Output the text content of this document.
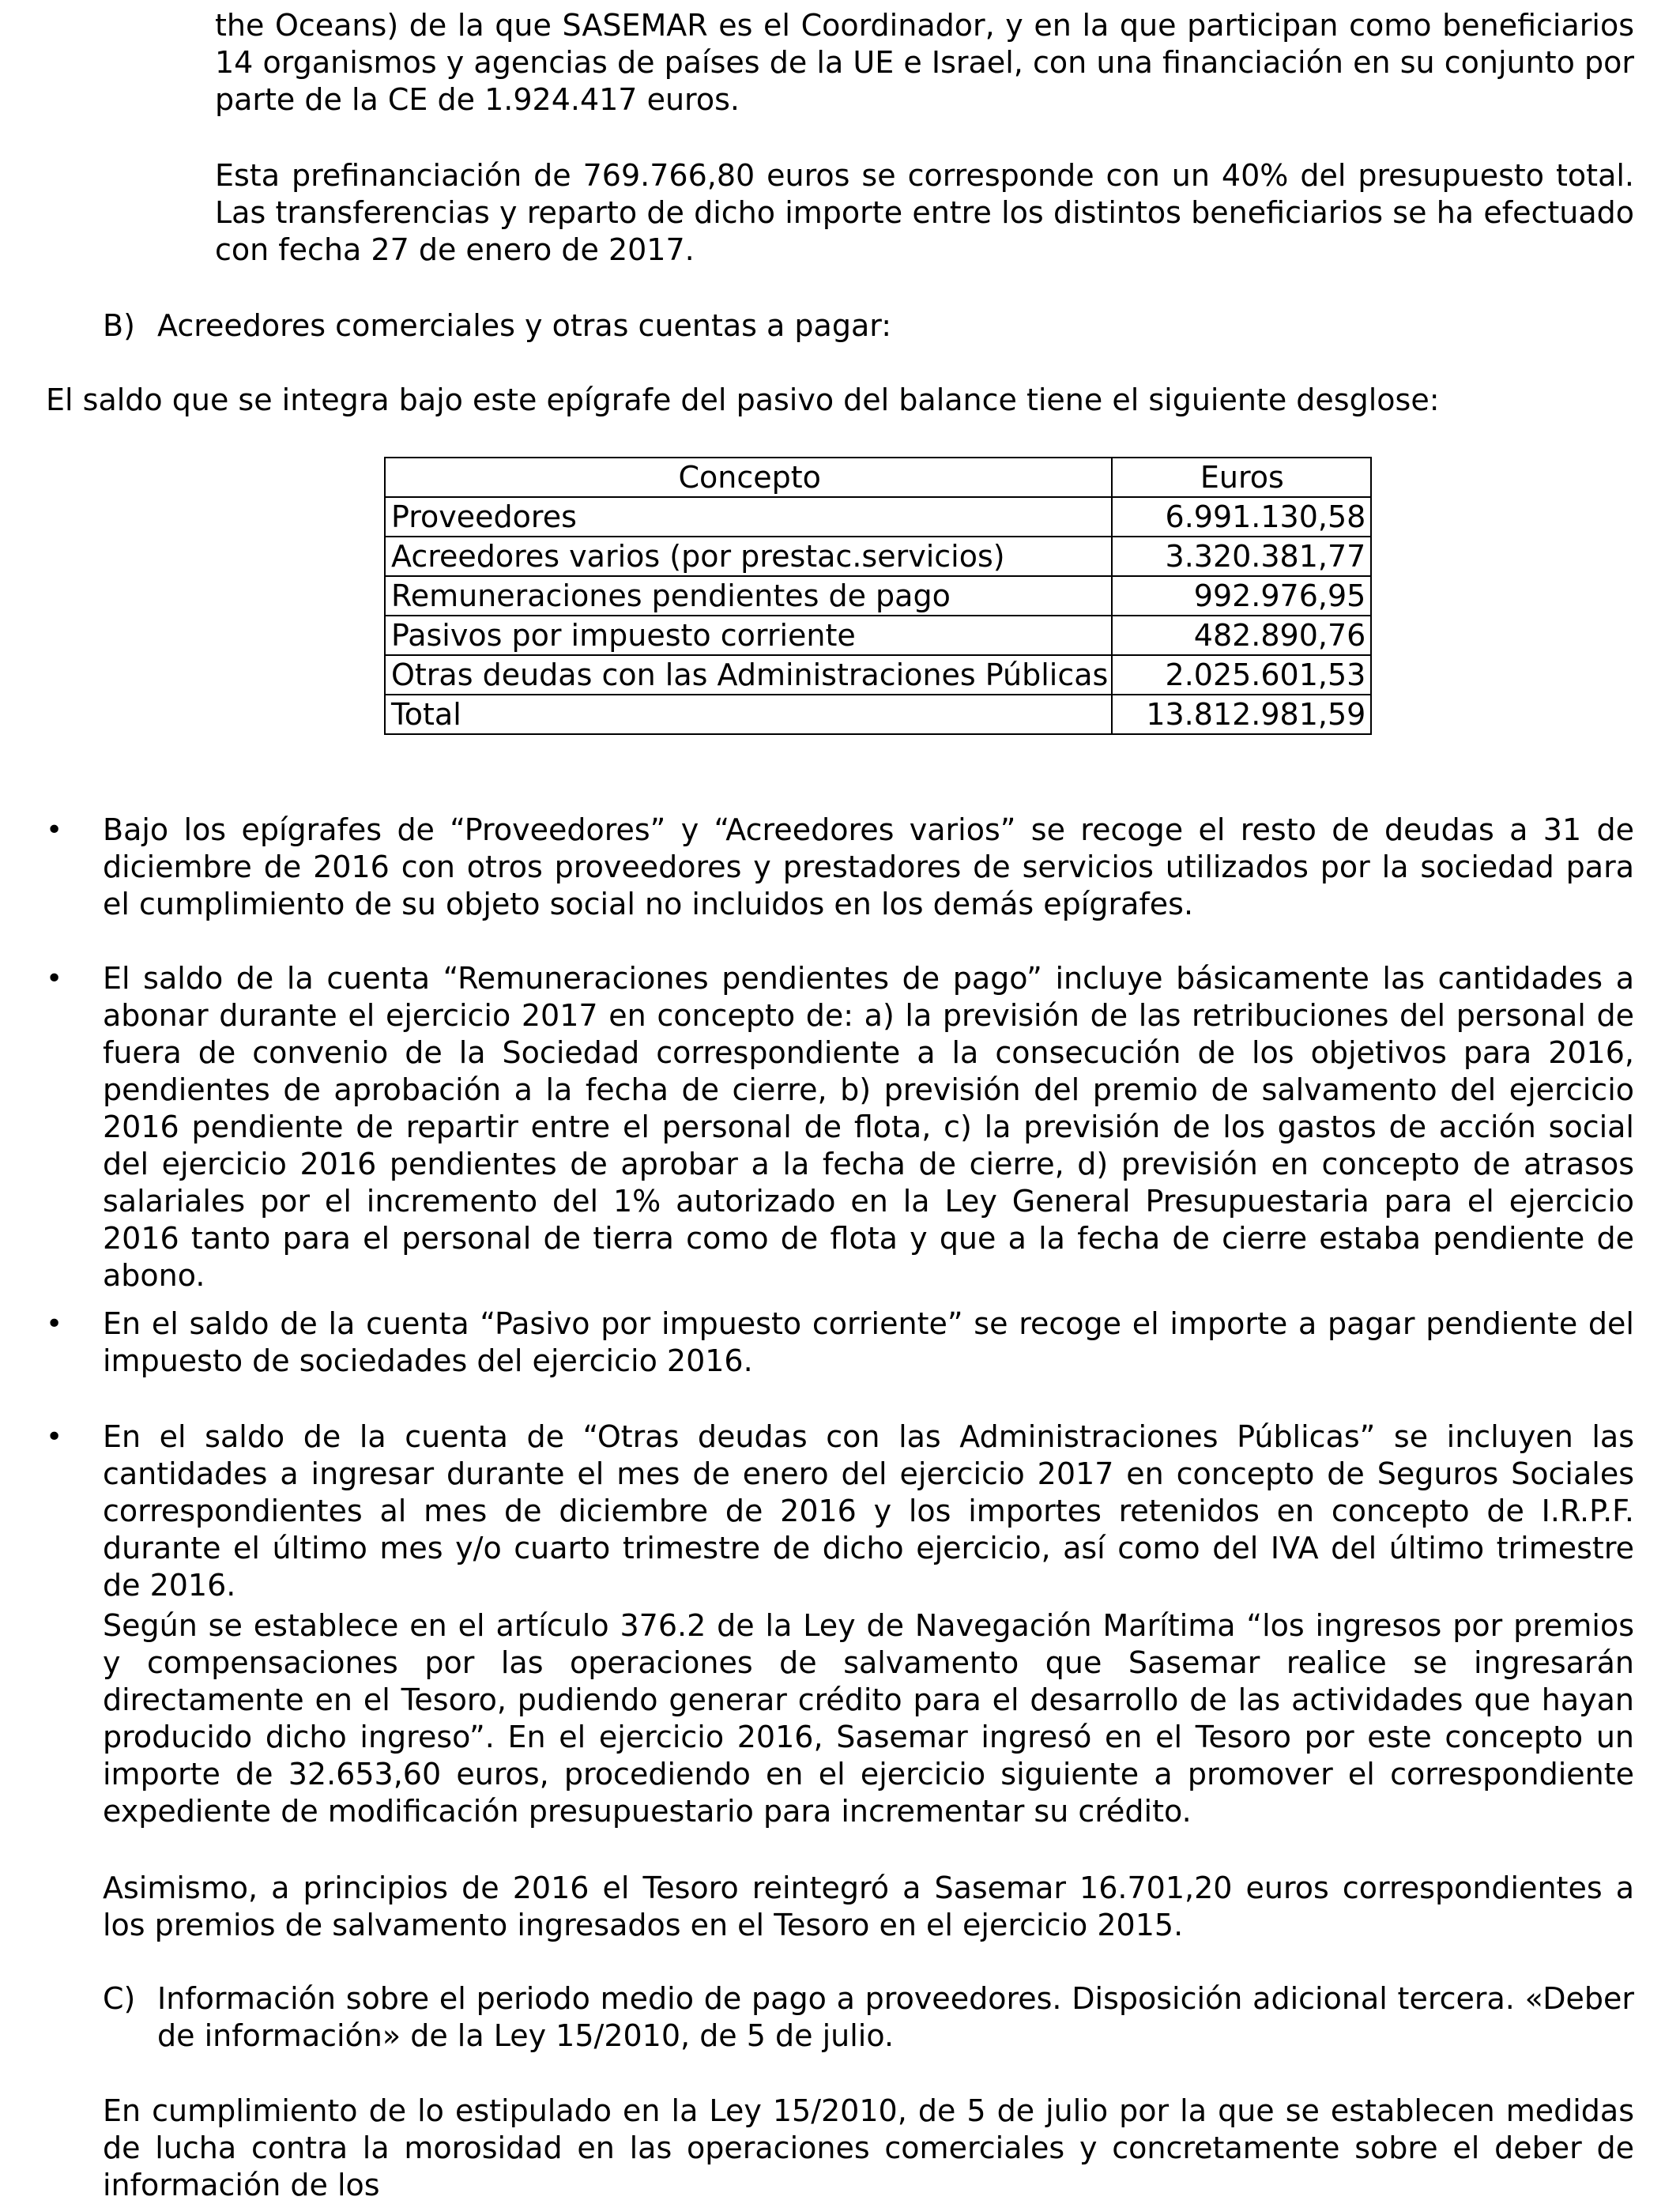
the Oceans) de la que SASEMAR es el Coordinador, y en la que participan como beneficiarios 14 organismos y agencias de países de la UE e Israel, con una financiación en su conjunto por parte de la CE de 1.924.417 euros.
Esta prefinanciación de 769.766,80 euros se corresponde con un 40% del presupuesto total. Las transferencias y reparto de dicho importe entre los distintos beneficiarios se ha efectuado con fecha 27 de enero de 2017.
B) Acreedores comerciales y otras cuentas a pagar:
El saldo que se integra bajo este epígrafe del pasivo del balance tiene el siguiente desglose:
Concepto	Euros
Proveedores	6.991.130,58
Acreedores varios (por prestac.servicios)	3.320.381,77
Remuneraciones pendientes de pago	992.976,95
Pasivos por impuesto corriente	482.890,76
Otras deudas con las Administraciones Públicas	2.025.601,53
Total	13.812.981,59
• Bajo los epígrafes de “Proveedores” y “Acreedores varios” se recoge el resto de deudas a 31 de diciembre de 2016 con otros proveedores y prestadores de servicios utilizados por la sociedad para el cumplimiento de su objeto social no incluidos en los demás epígrafes.
• El saldo de la cuenta “Remuneraciones pendientes de pago” incluye básicamente las cantidades a abonar durante el ejercicio 2017 en concepto de: a) la previsión de las retribuciones del personal de fuera de convenio de la Sociedad correspondiente a la consecución de los objetivos para 2016, pendientes de aprobación a la fecha de cierre, b) previsión del premio de salvamento del ejercicio 2016 pendiente de repartir entre el personal de flota, c) la previsión de los gastos de acción social del ejercicio 2016 pendientes de aprobar a la fecha de cierre, d) previsión en concepto de atrasos salariales por el incremento del 1% autorizado en la Ley General Presupuestaria para el ejercicio 2016 tanto para el personal de tierra como de flota y que a la fecha de cierre estaba pendiente de abono.
• En el saldo de la cuenta “Pasivo por impuesto corriente” se recoge el importe a pagar pendiente del impuesto de sociedades del ejercicio 2016.
• En el saldo de la cuenta de “Otras deudas con las Administraciones Públicas” se incluyen las cantidades a ingresar durante el mes de enero del ejercicio 2017 en concepto de Seguros Sociales correspondientes al mes de diciembre de 2016 y los importes retenidos en concepto de I.R.P.F. durante el último mes y/o cuarto trimestre de dicho ejercicio, así como del IVA del último trimestre de 2016.
Según se establece en el artículo 376.2 de la Ley de Navegación Marítima “los ingresos por premios y compensaciones por las operaciones de salvamento que Sasemar realice se ingresarán directamente en el Tesoro, pudiendo generar crédito para el desarrollo de las actividades que hayan producido dicho ingreso”. En el ejercicio 2016, Sasemar ingresó en el Tesoro por este concepto un importe de 32.653,60 euros, procediendo en el ejercicio siguiente a promover el correspondiente expediente de modificación presupuestario para incrementar su crédito.
Asimismo, a principios de 2016 el Tesoro reintegró a Sasemar 16.701,20 euros correspondientes a los premios de salvamento ingresados en el Tesoro en el ejercicio 2015.
C) Información sobre el periodo medio de pago a proveedores. Disposición adicional tercera. «Deber de información» de la Ley 15/2010, de 5 de julio.
En cumplimiento de lo estipulado en la Ley 15/2010, de 5 de julio por la que se establecen medidas de lucha contra la morosidad en las operaciones comerciales y concretamente sobre el deber de información de los
